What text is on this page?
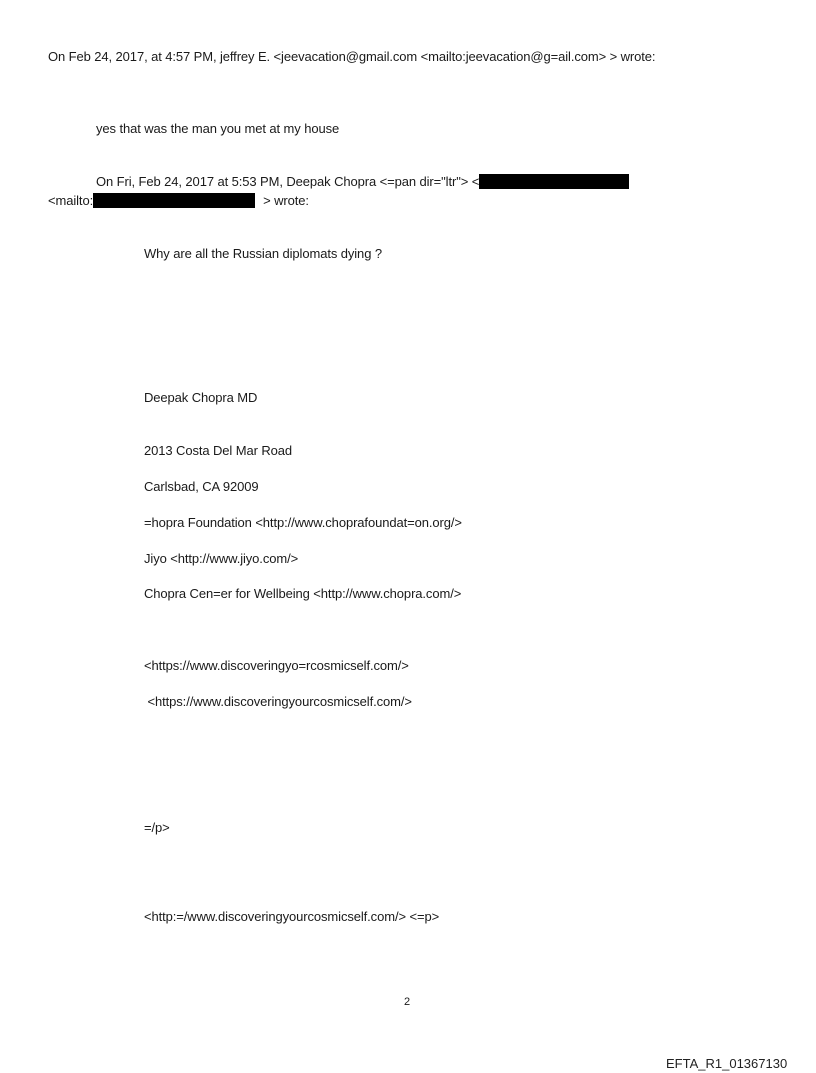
On Feb 24, 2017, at 4:57 PM, jeffrey E. <jeevacation@gmail.com <mailto:jeevacation@g=ail.com> > wrote:
yes that was the man you met at my house
On Fri, Feb 24, 2017 at 5:53 PM, Deepak Chopra <=pan dir="ltr"> <
<mailto:	> wrote:
Why are all the Russian diplomats dying ?
Deepak Chopra MD
2013 Costa Del Mar Road
Carlsbad, CA 92009
=hopra Foundation <http://www.choprafoundat=on.org/>
Jiyo <http://www.jiyo.com/>
Chopra Cen=er for Wellbeing <http://www.chopra.com/>
<https://www.discoveringyo=rcosmicself.com/>
<https://www.discoveringyourcosmicself.com/>
=/p>
<http:=/www.discoveringyourcosmicself.com/> <=p>
2
EFTA_R1_01367130
